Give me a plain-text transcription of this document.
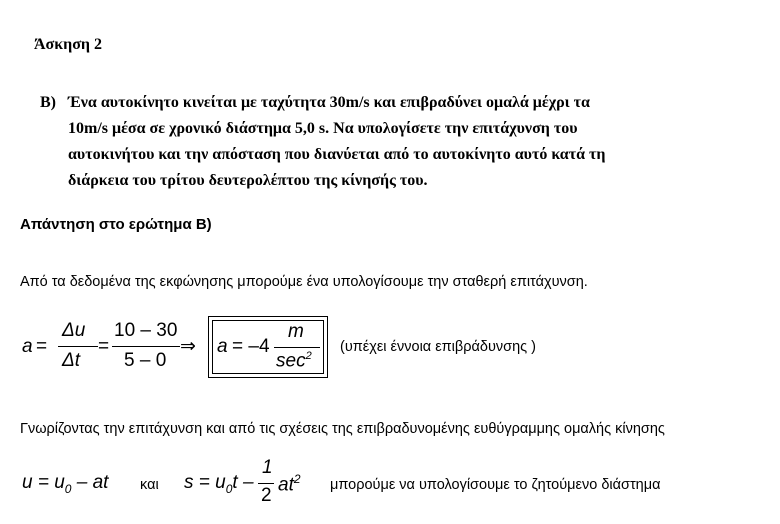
Άσκηση 2
B) Ένα αυτοκίνητο κινείται με ταχύτητα 30m/s και επιβραδύνει ομαλά μέχρι τα
10m/s μέσα σε χρονικό διάστημα 5,0 s. Να υπολογίσετε την επιτάχυνση του
αυτοκινήτου και την απόσταση που διανύεται από το αυτοκίνητο αυτό κατά τη
διάρκεια του τρίτου δευτερολέπτου της κίνησής του.
Απάντηση στο ερώτημα B)
Από τα δεδομένα της εκφώνησης μπορούμε ένα υπολογίσουμε την σταθερή επιτάχυνση.
a =
Δu
Δt
=
10 – 30
5 – 0
⇒ a = –4
m
$\sec^2$
(υπέχει έννοια επιβράδυνσης )
Γνωρίζοντας την επιτάχυνση και από τις σχέσεις της επιβραδυνομένης ευθύγραμμης ομαλής κίνησης
$u = u_0$ – at και $s = u_0t$ –
1
2
$at^2$ μπορούμε να υπολογίσουμε το ζητούμενο διάστημα
